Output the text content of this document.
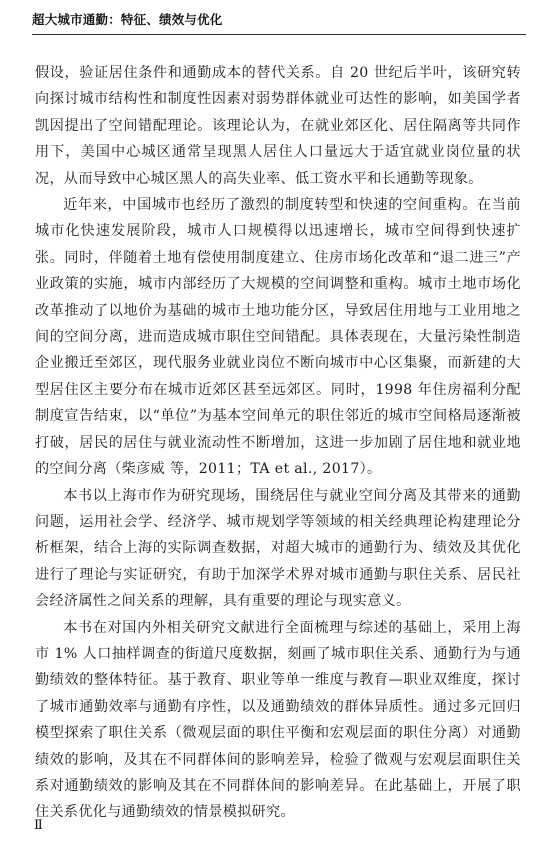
超大城市通勤：特征、绩效与优化

假设，验证居住条件和通勤成本的替代关系。自 20 世纪后半叶，该研究转向探讨城市结构性和制度性因素对弱势群体就业可达性的影响，如美国学者凯因提出了空间错配理论。该理论认为，在就业郊区化、居住隔离等共同作用下，美国中心城区通常呈现黑人居住人口量远大于适宜就业岗位量的状况，从而导致中心城区黑人的高失业率、低工资水平和长通勤等现象。

近年来，中国城市也经历了激烈的制度转型和快速的空间重构。在当前城市化快速发展阶段，城市人口规模得以迅速增长，城市空间得到快速扩张。同时，伴随着土地有偿使用制度建立、住房市场化改革和“退二进三”产业政策的实施，城市内部经历了大规模的空间调整和重构。城市土地市场化改革推动了以地价为基础的城市土地功能分区，导致居住用地与工业用地之间的空间分离，进而造成城市职住空间错配。具体表现在，大量污染性制造企业搬迁至郊区，现代服务业就业岗位不断向城市中心区集聚，而新建的大型居住区主要分布在城市近郊区甚至远郊区。同时，1998 年住房福利分配制度宣告结束，以“单位”为基本空间单元的职住邻近的城市空间格局逐渐被打破，居民的居住与就业流动性不断增加，这进一步加剧了居住地和就业地的空间分离（柴彦威 等，2011；TA et al., 2017）。

本书以上海市作为研究现场，围绕居住与就业空间分离及其带来的通勤问题，运用社会学、经济学、城市规划学等领域的相关经典理论构建理论分析框架，结合上海的实际调查数据，对超大城市的通勤行为、绩效及其优化进行了理论与实证研究，有助于加深学术界对城市通勤与职住关系、居民社会经济属性之间关系的理解，具有重要的理论与现实意义。

本书在对国内外相关研究文献进行全面梳理与综述的基础上，采用上海市 1% 人口抽样调查的街道尺度数据，刻画了城市职住关系、通勤行为与通勤绩效的整体特征。基于教育、职业等单一维度与教育—职业双维度，探讨了城市通勤效率与通勤有序性，以及通勤绩效的群体异质性。通过多元回归模型探索了职住关系（微观层面的职住平衡和宏观层面的职住分离）对通勤绩效的影响，及其在不同群体间的影响差异，检验了微观与宏观层面职住关系对通勤绩效的影响及其在不同群体间的影响差异。在此基础上，开展了职住关系优化与通勤绩效的情景模拟研究。

Ⅱ
